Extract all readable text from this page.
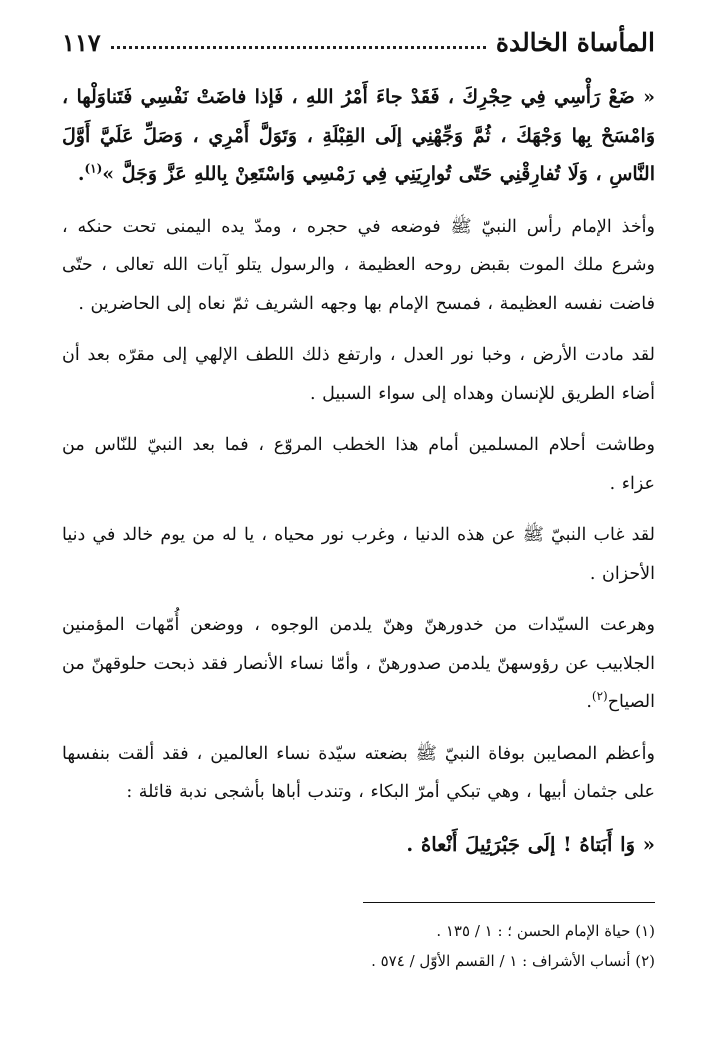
المأساة الخالدة
١١٧

« ضَعْ رَأْسِي فِي حِجْرِكَ ، فَقَدْ جاءَ أَمْرُ اللهِ ، فَإذا فاضَتْ نَفْسِي فَتَناوَلْها ، وَامْسَحْ بِها وَجْهَكَ ، ثُمَّ وَجِّهْنِي إلَى القِبْلَةِ ، وَتَوَلَّ أَمْرِي ، وَصَلِّ عَلَيَّ أَوَّلَ النَّاسِ ، وَلَا تُفارِقْنِي حَتّى تُوارِيَنِي فِي رَمْسِي وَاسْتَعِنْ بِاللهِ عَزَّ وَجَلَّ »$^{(١)}$.

وأخذ الإمام رأس النبيّ ﷺ فوضعه في حجره ، ومدّ يده اليمنى تحت حنكه ، وشرع ملك الموت بقبض روحه العظيمة ، والرسول يتلو آيات الله تعالى ، حتّى فاضت نفسه العظيمة ، فمسح الإمام بها وجهه الشريف ثمّ نعاه إلى الحاضرين .

لقد مادت الأرض ، وخبا نور العدل ، وارتفع ذلك اللطف الإلهي إلى مقرّه بعد أن أضاء الطريق للإنسان وهداه إلى سواء السبيل .

وطاشت أحلام المسلمين أمام هذا الخطب المروّع ، فما بعد النبيّ للنّاس من عزاء .

لقد غاب النبيّ ﷺ عن هذه الدنيا ، وغرب نور محياه ، يا له من يوم خالد في دنيا الأحزان .

وهرعت السيّدات من خدورهنّ وهنّ يلدمن الوجوه ، ووضعن أُمّهات المؤمنين الجلابيب عن رؤوسهنّ يلدمن صدورهنّ ، وأمّا نساء الأنصار فقد ذبحت حلوقهنّ من الصياح$^{(٢)}$.

وأعظم المصايبن بوفاة النبيّ ﷺ بضعته سيّدة نساء العالمين ، فقد ألقت بنفسها على جثمان أبيها ، وهي تبكي أمرّ البكاء ، وتندب أباها بأشجى ندبة قائلة :

« وَا أَبَتاهُ ! إلَى جَبْرَئِيلَ أَنْعاهُ .

(١) حياة الإمام الحسن ؛ : ١ / ١٣٥ .
(٢) أنساب الأشراف : ١ / القسم الأوّل / ٥٧٤ .
